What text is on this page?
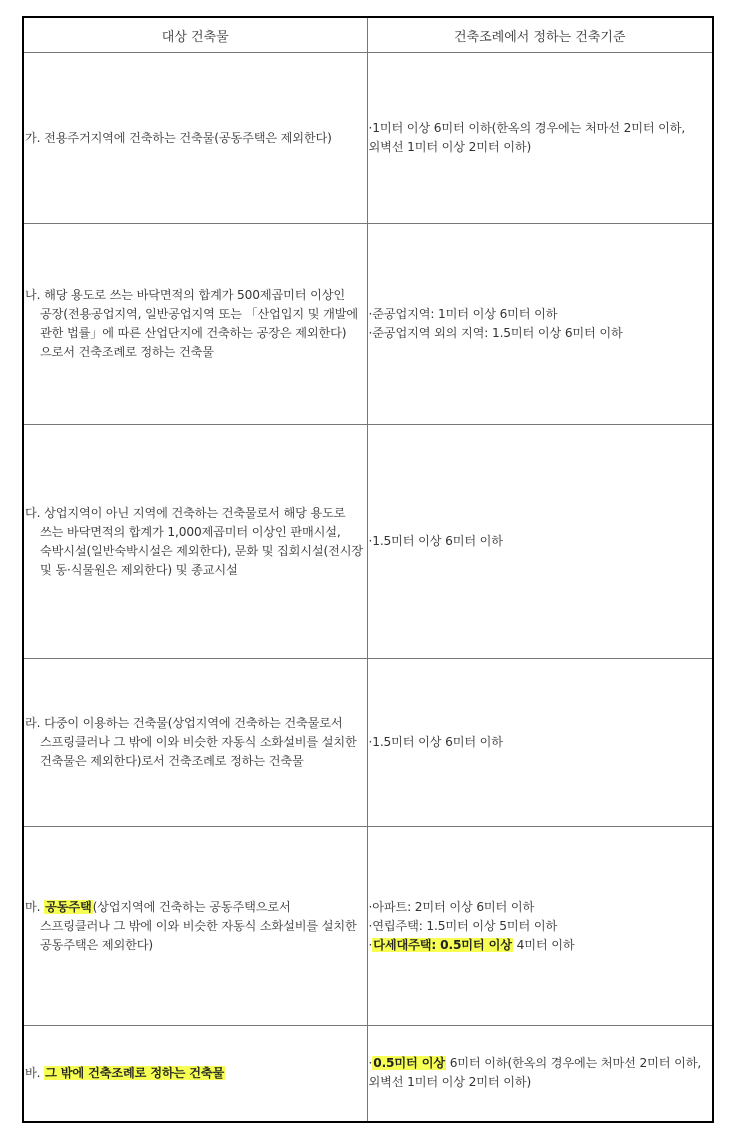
대상 건축물	건축조례에서 정하는 건축기준

가. 전용주거지역에 건축하는 건축물(공동주택은 제외한다)	·1미터 이상 6미터 이하(한옥의 경우에는 처마선 2미터 이하, 외벽선 1미터 이상 2미터 이하)

나. 해당 용도로 쓰는 바닥면적의 합계가 500제곱미터 이상인 공장(전용공업지역, 일반공업지역 또는 「산업입지 및 개발에 관한 법률」에 따른 산업단지에 건축하는 공장은 제외한다)으로서 건축조례로 정하는 건축물	·준공업지역: 1미터 이상 6미터 이하
·준공업지역 외의 지역: 1.5미터 이상 6미터 이하

다. 상업지역이 아닌 지역에 건축하는 건축물로서 해당 용도로 쓰는 바닥면적의 합계가 1,000제곱미터 이상인 판매시설, 숙박시설(일반숙박시설은 제외한다), 문화 및 집회시설(전시장 및 동·식물원은 제외한다) 및 종교시설	·1.5미터 이상 6미터 이하

라. 다중이 이용하는 건축물(상업지역에 건축하는 건축물로서 스프링클러나 그 밖에 이와 비슷한 자동식 소화설비를 설치한 건축물은 제외한다)로서 건축조례로 정하는 건축물	·1.5미터 이상 6미터 이하

마. 공동주택(상업지역에 건축하는 공동주택으로서 스프링클러나 그 밖에 이와 비슷한 자동식 소화설비를 설치한 공동주택은 제외한다)	·아파트: 2미터 이상 6미터 이하
·연립주택: 1.5미터 이상 5미터 이하
·다세대주택: 0.5미터 이상 4미터 이하

바. 그 밖에 건축조례로 정하는 건축물	·0.5미터 이상 6미터 이하(한옥의 경우에는 처마선 2미터 이하, 외벽선 1미터 이상 2미터 이하)
